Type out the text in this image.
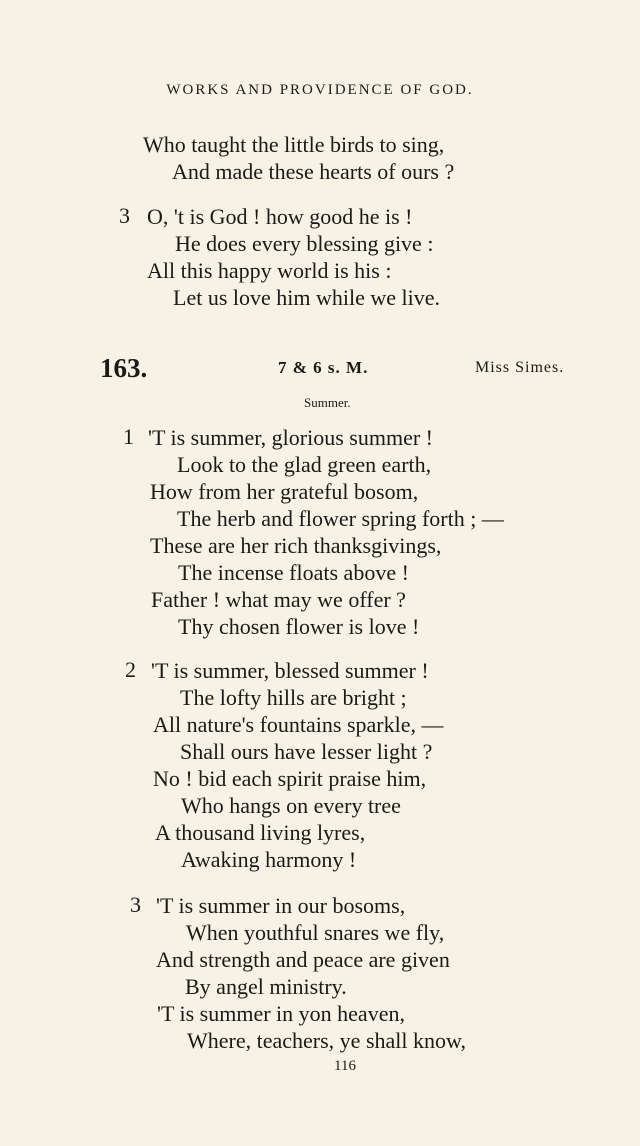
WORKS AND PROVIDENCE OF GOD.
Who taught the little birds to sing,
And made these hearts of ours ?
3 O, 't is God ! how good he is !
He does every blessing give :
All this happy world is his :
Let us love him while we live.
163.	7 & 6 s. M.	Miss Simes.
Summer.
1 'T is summer, glorious summer !
Look to the glad green earth,
How from her grateful bosom,
The herb and flower spring forth ; —
These are her rich thanksgivings,
The incense floats above !
Father ! what may we offer ?
Thy chosen flower is love !
2 'T is summer, blessed summer !
The lofty hills are bright ;
All nature's fountains sparkle, —
Shall ours have lesser light ?
No ! bid each spirit praise him,
Who hangs on every tree
A thousand living lyres,
Awaking harmony !
3 'T is summer in our bosoms,
When youthful snares we fly,
And strength and peace are given
By angel ministry.
'T is summer in yon heaven,
Where, teachers, ye shall know,
116
